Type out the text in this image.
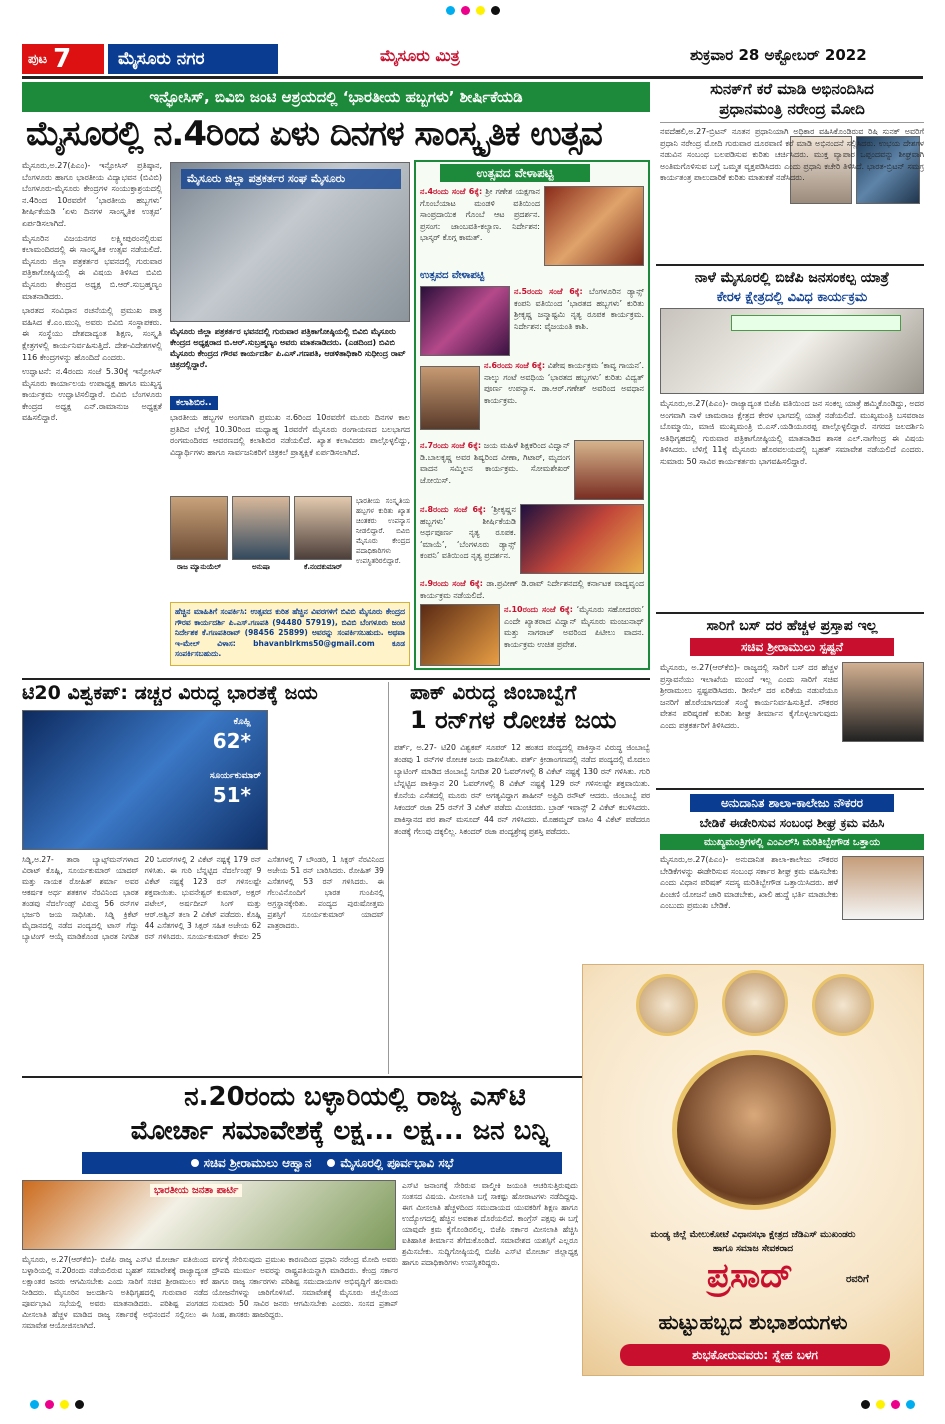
ಪುಟ 7	ಮೈಸೂರು ನಗರ	ಮೈಸೂರು ಮಿತ್ರ	ಶುಕ್ರವಾರ 28 ಅಕ್ಟೋಬರ್ 2022
ಇನ್ಫೋಸಿಸ್, ಬಿವಿಬಿ ಜಂಟಿ ಆಶ್ರಯದಲ್ಲಿ ‘ಭಾರತೀಯ ಹಬ್ಬಗಳು’ ಶೀರ್ಷಿಕೆಯಡಿ
ಮೈಸೂರಲ್ಲಿ ನ.4ರಿಂದ ಏಳು ದಿನಗಳ ಸಾಂಸ್ಕೃತಿಕ ಉತ್ಸವ

ಮೈಸೂರು,ಅ.27(ಪಿಎಂ)- ಇನ್ಫೋಸಿಸ್ ಪ್ರತಿಷ್ಠಾನ, ಬೆಂಗಳೂರು ಹಾಗೂ ಭಾರತೀಯ ವಿದ್ಯಾಭವನ (ಬಿವಿಬಿ) ಬೆಂಗಳೂರು-ಮೈಸೂರು ಕೇಂದ್ರಗಳ ಸಂಯುಕ್ತಾಶ್ರಯದಲ್ಲಿ ನ.4ರಿಂದ 10ರವರೆಗೆ ‘ಭಾರತೀಯ ಹಬ್ಬಗಳು’ ಶೀರ್ಷಿಕೆಯಡಿ ‘ಏಳು ದಿನಗಳ ಸಾಂಸ್ಕೃತಿಕ ಉತ್ಸವ’ ಏರ್ಪಡಿಸಲಾಗಿದೆ.

ಮೈಸೂರಿನ ವಿಜಯನಗರ ಲಕ್ಷ್ಮೀಪುರಂನಲ್ಲಿರುವ ಕಲಾಮಂದಿರದಲ್ಲಿ ಈ ಸಾಂಸ್ಕೃತಿಕ ಉತ್ಸವ ನಡೆಯಲಿದೆ. ಮೈಸೂರು ಜಿಲ್ಲಾ ಪತ್ರಕರ್ತರ ಭವನದಲ್ಲಿ ಗುರುವಾರ ಪತ್ರಿಕಾಗೋಷ್ಠಿಯಲ್ಲಿ ಈ ವಿಷಯ ತಿಳಿಸಿದ ಬಿವಿಬಿ ಮೈಸೂರು ಕೇಂದ್ರದ ಅಧ್ಯಕ್ಷ ಬಿ.ಆರ್.ಸುಬ್ರಹ್ಮಣ್ಯಂ ಮಾತನಾಡಿದರು.

ಭಾರತದ ಸಂವಿಧಾನ ರಚನೆಯಲ್ಲಿ ಪ್ರಮುಖ ಪಾತ್ರ ವಹಿಸಿದ ಕೆ.ಎಂ.ಮುನ್ಷಿ ಅವರು ಬಿವಿಬಿ ಸಂಸ್ಥಾಪಕರು. ಈ ಸಂಸ್ಥೆಯು ದೇಶದಾದ್ಯಂತ ಶಿಕ್ಷಣ, ಸಂಸ್ಕೃತಿ ಕ್ಷೇತ್ರಗಳಲ್ಲಿ ಕಾರ್ಯನಿರ್ವಹಿಸುತ್ತಿದೆ. ದೇಶ-ವಿದೇಶಗಳಲ್ಲಿ 116 ಕೇಂದ್ರಗಳನ್ನು ಹೊಂದಿದೆ ಎಂದರು.

ಉದ್ಘಾಟನೆ: ನ.4ರಂದು ಸಂಜೆ 5.30ಕ್ಕೆ ಇನ್ಫೋಸಿಸ್ ಮೈಸೂರು ಕಾರ್ಯಾಲಯ ಉಪಾಧ್ಯಕ್ಷ ಹಾಗೂ ಮುಖ್ಯಸ್ಥ ಕಾರ್ಯಕ್ರಮ ಉದ್ಘಾಟಿಸಲಿದ್ದಾರೆ. ಬಿವಿಬಿ ಬೆಂಗಳೂರು ಕೇಂದ್ರದ ಅಧ್ಯಕ್ಷ ಎನ್.ರಾಮಾನುಜ ಅಧ್ಯಕ್ಷತೆ ವಹಿಸಲಿದ್ದಾರೆ.

ಮೈಸೂರು ಜಿಲ್ಲಾ ಪತ್ರಕರ್ತರ ಸಂಘ ಮೈಸೂರು
ಮೈಸೂರು ಜಿಲ್ಲಾ ಪತ್ರಕರ್ತರ ಭವನದಲ್ಲಿ ಗುರುವಾರ ಪತ್ರಿಕಾಗೋಷ್ಠಿಯಲ್ಲಿ ಬಿವಿಬಿ ಮೈಸೂರು ಕೇಂದ್ರದ ಅಧ್ಯಕ್ಷರಾದ ಬಿ.ಆರ್.ಸುಬ್ರಹ್ಮಣ್ಯಂ ಅವರು ಮಾತನಾಡಿದರು. (ಎಡದಿಂದ) ಬಿವಿಬಿ ಮೈಸೂರು ಕೇಂದ್ರದ ಗೌರವ ಕಾರ್ಯದರ್ಶಿ ಪಿ.ಎಸ್.ಗಣಪತಿ, ಆಡಳಿತಾಧಿಕಾರಿ ಸುಧೀಂದ್ರ ರಾವ್ ಚಿತ್ರದಲ್ಲಿದ್ದಾರೆ.
ಕಲಾಶಿಬಿರ..
ಭಾರತೀಯ ಹಬ್ಬಗಳ ಅಂಗವಾಗಿ ಪ್ರಮುಖ ನ.6ರಿಂದ 10ರವರೆಗೆ ಮೂರು ದಿನಗಳ ಕಾಲ ಪ್ರತಿದಿನ ಬೆಳಿಗ್ಗೆ 10.30ರಿಂದ ಮಧ್ಯಾಹ್ನ 1ರವರೆಗೆ ಮೈಸೂರು ರಂಗಾಯಣದ ಬಲಭಾಗದ ರಂಗಮಂದಿರದ ಆವರಣದಲ್ಲಿ ಕಲಾಶಿಬಿರ ನಡೆಯಲಿದೆ. ಖ್ಯಾತ ಕಲಾವಿದರು ಪಾಲ್ಗೊಳ್ಳಲಿದ್ದು, ವಿದ್ಯಾರ್ಥಿಗಳು ಹಾಗೂ ಸಾರ್ವಜನಿಕರಿಗೆ ಚಿತ್ರಕಲೆ ಪ್ರಾತ್ಯಕ್ಷಿಕೆ ಏರ್ಪಡಿಸಲಾಗಿದೆ.
ರಾಜ ಮ್ಯಾನುಯೆಲ್	ಅನುಷಾ	ಕೆ.ನಂದಕುಮಾರ್
ಭಾರತೀಯ ಸಂಸ್ಕೃತಿಯ ಹಬ್ಬಗಳ ಕುರಿತು ಖ್ಯಾತ ಚಿಂತಕರು ಉಪನ್ಯಾಸ ನೀಡಲಿದ್ದಾರೆ. ಬಿವಿಬಿ ಮೈಸೂರು ಕೇಂದ್ರದ ಪದಾಧಿಕಾರಿಗಳು ಉಪಸ್ಥಿತರಿರಲಿದ್ದಾರೆ.
ಹೆಚ್ಚಿನ ಮಾಹಿತಿಗೆ ಸಂಪರ್ಕಿಸಿ: ಉತ್ಸವದ ಕುರಿತ ಹೆಚ್ಚಿನ ವಿವರಗಳಿಗೆ ಬಿವಿಬಿ ಮೈಸೂರು ಕೇಂದ್ರದ ಗೌರವ ಕಾರ್ಯದರ್ಶಿ ಪಿ.ಎಸ್.ಗಣಪತಿ (94480 57919), ಬಿವಿಬಿ ಬೆಂಗಳೂರು ಜಂಟಿ ನಿರ್ದೇಶಕ ಕೆ.ಗಣಪತಿರಾವ್ (98456 25899) ಅವರನ್ನು ಸಂಪರ್ಕಿಸಬಹುದು. ಅಥವಾ ಇ-ಮೇಲ್ ವಿಳಾಸ: bhavanblrkms50@gmail.com ಕೂಡ ಸಂಪರ್ಕಿಸಬಹುದು.
ಉತ್ಸವದ ವೇಳಾಪಟ್ಟಿ
ಉತ್ಸವದ ವೇಳಾಪಟ್ಟಿ
ನ.4ರಂದು ಸಂಜೆ 6ಕ್ಕೆ: ಶ್ರೀ ಗಣೇಶ ಯಕ್ಷಗಾನ ಗೊಂಬೆಯಾಟ ಮಂಡಳಿ ವತಿಯಿಂದ ಸಾಂಪ್ರದಾಯಿಕ ಗೊಂಬೆ ಆಟ ಪ್ರದರ್ಶನ. ಪ್ರಸಂಗ: ಜಾಂಬವತಿ-ಕಲ್ಯಾಣ. ನಿರ್ದೇಶನ: ಭಾಸ್ಕರ್ ಕೊಗ್ಗ ಕಾಮತ್.
ನ.5ರಂದು ಸಂಜೆ 6ಕ್ಕೆ: ಬೆಂಗಳೂರಿನ ಡ್ಯಾನ್ಸ್ ಕಂಪನಿ ವತಿಯಿಂದ ‘ಭಾರತದ ಹಬ್ಬಗಳು’ ಕುರಿತು ಶ್ರೀಕೃಷ್ಣ ಜನ್ಮಾಷ್ಟಮಿ ನೃತ್ಯ ರೂಪಕ ಕಾರ್ಯಕ್ರಮ. ನಿರ್ದೇಶನ: ವೈಜಯಂತಿ ಕಾಶಿ.
ನ.6ರಂದು ಸಂಜೆ 6ಕ್ಕೆ: ವಿಶೇಷ ಕಾರ್ಯಕ್ರಮ ‘ಕಾವ್ಯ ಗಾಯನ’. ನಾಲ್ಕು ಗಂಟೆ ಅವಧಿಯ ‘ಭಾರತದ ಹಬ್ಬಗಳು’ ಕುರಿತು ವಿದ್ವತ್ ಪೂರ್ಣ ಉಪನ್ಯಾಸ. ಡಾ.ಆರ್.ಗಣೇಶ್ ಅವರಿಂದ ಅವಧಾನ ಕಾರ್ಯಕ್ರಮ.
ನ.7ರಂದು ಸಂಜೆ 6ಕ್ಕೆ: ಜಯ ಮಹಿಳೆ ಶಿಕ್ಷಕರಿಂದ ವಿದ್ವಾನ್ ಡಿ.ಬಾಲಕೃಷ್ಣ ಅವರ ಶಿಷ್ಯರಿಂದ ವೀಣಾ, ಗಿಟಾರ್, ಮೃದಂಗ ವಾದನ ಸಮ್ಮಿಲನ ಕಾರ್ಯಕ್ರಮ. ಸೋಮಶೇಖರ್ ಜೋಯಿಸ್.
ನ.8ರಂದು ಸಂಜೆ 6ಕ್ಕೆ: ‘ಶ್ರೀಕೃಷ್ಣನ ಹಬ್ಬಗಳು’ ಶೀರ್ಷಿಕೆಯಡಿ ಅರ್ಥಪೂರ್ಣ ನೃತ್ಯ ರೂಪಕ. ‘ಮಾಯೆ’, ‘ಬೆಂಗಳೂರು ಡ್ಯಾನ್ಸ್ ಕಂಪನಿ’ ವತಿಯಿಂದ ನೃತ್ಯ ಪ್ರದರ್ಶನ.
ನ.9ರಂದು ಸಂಜೆ 6ಕ್ಕೆ: ಡಾ.ಪ್ರವೀಣ್ ಡಿ.ರಾವ್ ನಿರ್ದೇಶನದಲ್ಲಿ ಕರ್ನಾಟಕ ವಾದ್ಯವೃಂದ ಕಾರ್ಯಕ್ರಮ ನಡೆಯಲಿದೆ.
ನ.10ರಂದು ಸಂಜೆ 6ಕ್ಕೆ: ‘ಮೈಸೂರು ಸಹೋದರರು’ ಎಂದೇ ಖ್ಯಾತರಾದ ವಿದ್ವಾನ್ ಮೈಸೂರು ಮಂಜುನಾಥ್ ಮತ್ತು ನಾಗರಾಜ್ ಅವರಿಂದ ಪಿಟೀಲು ವಾದನ. ಕಾರ್ಯಕ್ರಮ ಉಚಿತ ಪ್ರವೇಶ.
ಸುನಕ್‌ಗೆ ಕರೆ ಮಾಡಿ ಅಭಿನಂದಿಸಿದ
ಪ್ರಧಾನಮಂತ್ರಿ ನರೇಂದ್ರ ಮೋದಿ
ನವದೆಹಲಿ,ಅ.27-ಬ್ರಿಟನ್ ನೂತನ ಪ್ರಧಾನಿಯಾಗಿ ಅಧಿಕಾರ ವಹಿಸಿಕೊಂಡಿರುವ ರಿಷಿ ಸುನಕ್ ಅವರಿಗೆ ಪ್ರಧಾನಿ ನರೇಂದ್ರ ಮೋದಿ ಗುರುವಾರ ದೂರವಾಣಿ ಕರೆ ಮಾಡಿ ಅಭಿನಂದನೆ ಸಲ್ಲಿಸಿದರು. ಉಭಯ ದೇಶಗಳ ನಡುವಿನ ಸಂಬಂಧ ಬಲಪಡಿಸುವ ಕುರಿತು ಚರ್ಚಿಸಿದರು. ಮುಕ್ತ ವ್ಯಾಪಾರ ಒಪ್ಪಂದವನ್ನು ಶೀಘ್ರವಾಗಿ ಅಂತಿಮಗೊಳಿಸುವ ಬಗ್ಗೆ ಒಮ್ಮತ ವ್ಯಕ್ತಪಡಿಸಿದರು ಎಂದು ಪ್ರಧಾನಿ ಕಚೇರಿ ತಿಳಿಸಿದೆ. ಭಾರತ-ಬ್ರಿಟನ್ ಸಮಗ್ರ ಕಾರ್ಯತಂತ್ರ ಪಾಲುದಾರಿಕೆ ಕುರಿತು ಮಾತುಕತೆ ನಡೆಸಿದರು.
ನಾಳೆ ಮೈಸೂರಲ್ಲಿ ಬಿಜೆಪಿ ಜನಸಂಕಲ್ಪ ಯಾತ್ರೆ
ಕೇರಳ ಕ್ಷೇತ್ರದಲ್ಲಿ ವಿವಿಧ ಕಾರ್ಯಕ್ರಮ
ಮೈಸೂರು,ಅ.27(ಪಿಎಂ)- ರಾಜ್ಯಾದ್ಯಂತ ಬಿಜೆಪಿ ವತಿಯಿಂದ ಜನ ಸಂಕಲ್ಪ ಯಾತ್ರೆ ಹಮ್ಮಿಕೊಂಡಿದ್ದು, ಅದರ ಅಂಗವಾಗಿ ನಾಳೆ ಚಾಮರಾಜ ಕ್ಷೇತ್ರದ ಕೇರಳ ಭಾಗದಲ್ಲಿ ಯಾತ್ರೆ ನಡೆಯಲಿದೆ. ಮುಖ್ಯಮಂತ್ರಿ ಬಸವರಾಜ ಬೊಮ್ಮಾಯಿ, ಮಾಜಿ ಮುಖ್ಯಮಂತ್ರಿ ಬಿ.ಎಸ್.ಯಡಿಯೂರಪ್ಪ ಪಾಲ್ಗೊಳ್ಳಲಿದ್ದಾರೆ. ನಗರದ ಜಲದರ್ಶಿನಿ ಅತಿಥಿಗೃಹದಲ್ಲಿ ಗುರುವಾರ ಪತ್ರಿಕಾಗೋಷ್ಠಿಯಲ್ಲಿ ಮಾತನಾಡಿದ ಶಾಸಕ ಎಲ್.ನಾಗೇಂದ್ರ ಈ ವಿಷಯ ತಿಳಿಸಿದರು. ಬೆಳಿಗ್ಗೆ 11ಕ್ಕೆ ಮೈಸೂರು ಹೊರವಲಯದಲ್ಲಿ ಬೃಹತ್ ಸಮಾವೇಶ ನಡೆಯಲಿದೆ ಎಂದರು. ಸುಮಾರು 50 ಸಾವಿರ ಕಾರ್ಯಕರ್ತರು ಭಾಗವಹಿಸಲಿದ್ದಾರೆ.
ಸಾರಿಗೆ ಬಸ್ ದರ ಹೆಚ್ಚಳ ಪ್ರಸ್ತಾಪ ಇಲ್ಲ
ಸಚಿವ ಶ್ರೀರಾಮುಲು ಸ್ಪಷ್ಟನೆ
ಮೈಸೂರು, ಅ.27(ಆರ್‌ಕೆಬಿ)- ರಾಜ್ಯದಲ್ಲಿ ಸಾರಿಗೆ ಬಸ್ ದರ ಹೆಚ್ಚಳ ಪ್ರಸ್ತಾವನೆಯು ಇಲಾಖೆಯ ಮುಂದೆ ಇಲ್ಲ ಎಂದು ಸಾರಿಗೆ ಸಚಿವ ಶ್ರೀರಾಮುಲು ಸ್ಪಷ್ಟಪಡಿಸಿದರು. ಡೀಸೆಲ್ ದರ ಏರಿಕೆಯ ನಡುವೆಯೂ ಜನರಿಗೆ ಹೊರೆಯಾಗದಂತೆ ಸಂಸ್ಥೆ ಕಾರ್ಯನಿರ್ವಹಿಸುತ್ತಿದೆ. ನೌಕರರ ವೇತನ ಪರಿಷ್ಕರಣೆ ಕುರಿತು ಶೀಘ್ರ ತೀರ್ಮಾನ ಕೈಗೊಳ್ಳಲಾಗುವುದು ಎಂದು ಪತ್ರಕರ್ತರಿಗೆ ತಿಳಿಸಿದರು.
ಅನುದಾನಿತ ಶಾಲಾ-ಕಾಲೇಜು ನೌಕರರ
ಬೇಡಿಕೆ ಈಡೇರಿಸುವ ಸಂಬಂಧ ಶೀಘ್ರ ಕ್ರಮ ವಹಿಸಿ
ಮುಖ್ಯಮಂತ್ರಿಗಳಲ್ಲಿ ಎಂಎಲ್‌ಸಿ ಮರಿತಿಬ್ಬೇಗೌಡ ಒತ್ತಾಯ
ಮೈಸೂರು,ಅ.27(ಪಿಎಂ)- ಅನುದಾನಿತ ಶಾಲಾ-ಕಾಲೇಜು ನೌಕರರ ಬೇಡಿಕೆಗಳನ್ನು ಈಡೇರಿಸುವ ಸಂಬಂಧ ಸರ್ಕಾರ ಶೀಘ್ರ ಕ್ರಮ ವಹಿಸಬೇಕು ಎಂದು ವಿಧಾನ ಪರಿಷತ್ ಸದಸ್ಯ ಮರಿತಿಬ್ಬೇಗೌಡ ಒತ್ತಾಯಿಸಿದರು. ಹಳೆ ಪಿಂಚಣಿ ಯೋಜನೆ ಜಾರಿ ಮಾಡಬೇಕು, ಖಾಲಿ ಹುದ್ದೆ ಭರ್ತಿ ಮಾಡಬೇಕು ಎಂಬುದು ಪ್ರಮುಖ ಬೇಡಿಕೆ.
ಟಿ20 ವಿಶ್ವಕಪ್: ಡಚ್ಚರ ವಿರುದ್ಧ ಭಾರತಕ್ಕೆ ಜಯ
ಕೊಹ್ಲಿ
62*
ಸೂರ್ಯಕುಮಾರ್
51*
ಸಿಡ್ನಿ,ಅ.27- ತಾರಾ ಬ್ಯಾಟ್ಸ್‌ಮನ್‌ಗಳಾದ ವಿರಾಟ್ ಕೊಹ್ಲಿ, ಸೂರ್ಯಕುಮಾರ್ ಯಾದವ್ ಮತ್ತು ನಾಯಕ ರೋಹಿತ್ ಶರ್ಮಾ ಅವರ ಆಕರ್ಷಕ ಅರ್ಧ ಶತಕಗಳ ನೆರವಿನಿಂದ ಭಾರತ ತಂಡವು ನೆದರ್ಲೆಂಡ್ಸ್ ವಿರುದ್ಧ 56 ರನ್‌ಗಳ ಭರ್ಜರಿ ಜಯ ಸಾಧಿಸಿತು. ಸಿಡ್ನಿ ಕ್ರಿಕೆಟ್ ಮೈದಾನದಲ್ಲಿ ನಡೆದ ಪಂದ್ಯದಲ್ಲಿ ಟಾಸ್ ಗೆದ್ದು ಬ್ಯಾಟಿಂಗ್ ಆಯ್ಕೆ ಮಾಡಿಕೊಂಡ ಭಾರತ ನಿಗದಿತ 20 ಓವರ್‌ಗಳಲ್ಲಿ 2 ವಿಕೆಟ್ ನಷ್ಟಕ್ಕೆ 179 ರನ್ ಗಳಿಸಿತು. ಈ ಗುರಿ ಬೆನ್ನಟ್ಟಿದ ನೆದರ್ಲೆಂಡ್ಸ್ 9 ವಿಕೆಟ್ ನಷ್ಟಕ್ಕೆ 123 ರನ್ ಗಳಿಸಲಷ್ಟೇ ಶಕ್ತವಾಯಿತು. ಭುವನೇಶ್ವರ್ ಕುಮಾರ್, ಅಕ್ಷರ್ ಪಟೇಲ್, ಅರ್ಷದೀಪ್ ಸಿಂಗ್ ಮತ್ತು ಆರ್.ಅಶ್ವಿನ್ ತಲಾ 2 ವಿಕೆಟ್ ಪಡೆದರು. ಕೊಹ್ಲಿ 44 ಎಸೆತಗಳಲ್ಲಿ 3 ಸಿಕ್ಸರ್ ಸಹಿತ ಅಜೇಯ 62 ರನ್ ಗಳಿಸಿದರು. ಸೂರ್ಯಕುಮಾರ್ ಕೇವಲ 25 ಎಸೆತಗಳಲ್ಲಿ 7 ಬೌಂಡರಿ, 1 ಸಿಕ್ಸರ್ ನೆರವಿನಿಂದ ಅಜೇಯ 51 ರನ್ ಬಾರಿಸಿದರು. ರೋಹಿತ್ 39 ಎಸೆತಗಳಲ್ಲಿ 53 ರನ್ ಗಳಿಸಿದರು. ಈ ಗೆಲುವಿನೊಂದಿಗೆ ಭಾರತ ಗುಂಪಿನಲ್ಲಿ ಅಗ್ರಸ್ಥಾನಕ್ಕೇರಿತು. ಪಂದ್ಯದ ಪುರುಷೋತ್ತಮ ಪ್ರಶಸ್ತಿಗೆ ಸೂರ್ಯಕುಮಾರ್ ಯಾದವ್ ಪಾತ್ರರಾದರು.
ಪಾಕ್ ವಿರುದ್ಧ ಜಿಂಬಾಬ್ವೆಗೆ
1 ರನ್‌ಗಳ ರೋಚಕ ಜಯ
ಪರ್ತ್, ಅ.27- ಟಿ20 ವಿಶ್ವಕಪ್ ಸೂಪರ್ 12 ಹಂತದ ಪಂದ್ಯದಲ್ಲಿ ಪಾಕಿಸ್ತಾನ ವಿರುದ್ಧ ಜಿಂಬಾಬ್ವೆ ತಂಡವು 1 ರನ್‌ಗಳ ರೋಚಕ ಜಯ ದಾಖಲಿಸಿತು. ಪರ್ತ್ ಕ್ರೀಡಾಂಗಣದಲ್ಲಿ ನಡೆದ ಪಂದ್ಯದಲ್ಲಿ ಮೊದಲು ಬ್ಯಾಟಿಂಗ್ ಮಾಡಿದ ಜಿಂಬಾಬ್ವೆ ನಿಗದಿತ 20 ಓವರ್‌ಗಳಲ್ಲಿ 8 ವಿಕೆಟ್ ನಷ್ಟಕ್ಕೆ 130 ರನ್ ಗಳಿಸಿತು. ಗುರಿ ಬೆನ್ನಟ್ಟಿದ ಪಾಕಿಸ್ತಾನ 20 ಓವರ್‌ಗಳಲ್ಲಿ 8 ವಿಕೆಟ್ ನಷ್ಟಕ್ಕೆ 129 ರನ್ ಗಳಿಸಲಷ್ಟೇ ಶಕ್ತವಾಯಿತು. ಕೊನೆಯ ಎಸೆತದಲ್ಲಿ ಮೂರು ರನ್ ಅಗತ್ಯವಿದ್ದಾಗ ಶಾಹೀನ್ ಅಫ್ರಿದಿ ರನೌಟ್ ಆದರು. ಜಿಂಬಾಬ್ವೆ ಪರ ಸಿಕಂದರ್ ರಜಾ 25 ರನ್‌ಗೆ 3 ವಿಕೆಟ್ ಪಡೆದು ಮಿಂಚಿದರು. ಬ್ರಾಡ್ ಇವಾನ್ಸ್ 2 ವಿಕೆಟ್ ಕಬಳಿಸಿದರು. ಪಾಕಿಸ್ತಾನದ ಪರ ಶಾನ್ ಮಸೂದ್ 44 ರನ್ ಗಳಿಸಿದರು. ಮೊಹಮ್ಮದ್ ವಾಸಿಂ 4 ವಿಕೆಟ್ ಪಡೆದರೂ ತಂಡಕ್ಕೆ ಗೆಲುವು ದಕ್ಕಲಿಲ್ಲ. ಸಿಕಂದರ್ ರಜಾ ಪಂದ್ಯಶ್ರೇಷ್ಠ ಪ್ರಶಸ್ತಿ ಪಡೆದರು.
ನ.20ರಂದು ಬಳ್ಳಾರಿಯಲ್ಲಿ ರಾಜ್ಯ ಎಸ್‌ಟಿ
ಮೋರ್ಚಾ ಸಮಾವೇಶಕ್ಕೆ ಲಕ್ಷ... ಲಕ್ಷ... ಜನ ಬನ್ನಿ
ಸಚಿವ ಶ್ರೀರಾಮುಲು ಆಹ್ವಾನ	ಮೈಸೂರಲ್ಲಿ ಪೂರ್ವಭಾವಿ ಸಭೆ
ಭಾರತೀಯ ಜನತಾ ಪಾರ್ಟಿ
ಮೈಸೂರು, ಅ.27(ಆರ್‌ಕೆಬಿ)- ಬಿಜೆಪಿ ರಾಜ್ಯ ಎಸ್‌ಟಿ ಮೋರ್ಚಾ ವತಿಯಿಂದ ಬಳ್ಳಾರಿಯಲ್ಲಿ ನ.20ರಂದು ನಡೆಯಲಿರುವ ಬೃಹತ್ ಸಮಾವೇಶಕ್ಕೆ ರಾಜ್ಯಾದ್ಯಂತ ಲಕ್ಷಾಂತರ ಜನರು ಆಗಮಿಸಬೇಕು ಎಂದು ಸಾರಿಗೆ ಸಚಿವ ಶ್ರೀರಾಮುಲು ಕರೆ ನೀಡಿದರು. ಮೈಸೂರಿನ ಜಲದರ್ಶಿನಿ ಅತಿಥಿಗೃಹದಲ್ಲಿ ಗುರುವಾರ ನಡೆದ ಪೂರ್ವಭಾವಿ ಸಭೆಯಲ್ಲಿ ಅವರು ಮಾತನಾಡಿದರು. ಪರಿಶಿಷ್ಟ ಪಂಗಡದ ಮೀಸಲಾತಿ ಹೆಚ್ಚಳ ಮಾಡಿದ ರಾಜ್ಯ ಸರ್ಕಾರಕ್ಕೆ ಅಭಿನಂದನೆ ಸಲ್ಲಿಸಲು ಈ ಸಮಾವೇಶ ಆಯೋಜಿಸಲಾಗಿದೆ.
ವರ್ಗಕ್ಕೆ ಸೇರಿಸುವುದು ಪ್ರಮುಖ ಕಾರಣದಿಂದ ಪ್ರಧಾನಿ ನರೇಂದ್ರ ಮೋದಿ ಅವರು ದ್ರೌಪದಿ ಮುರ್ಮು ಅವರನ್ನು ರಾಷ್ಟ್ರಪತಿಯನ್ನಾಗಿ ಮಾಡಿದರು. ಕೇಂದ್ರ ಸರ್ಕಾರ ಹಾಗೂ ರಾಜ್ಯ ಸರ್ಕಾರಗಳು ಪರಿಶಿಷ್ಟ ಸಮುದಾಯಗಳ ಅಭಿವೃದ್ಧಿಗೆ ಹಲವಾರು ಯೋಜನೆಗಳನ್ನು ಜಾರಿಗೊಳಿಸಿವೆ. ಸಮಾವೇಶಕ್ಕೆ ಮೈಸೂರು ಜಿಲ್ಲೆಯಿಂದ ಸುಮಾರು 50 ಸಾವಿರ ಜನರು ಆಗಮಿಸಬೇಕು ಎಂದರು. ಸಂಸದ ಪ್ರತಾಪ್ ಸಿಂಹ, ಶಾಸಕರು ಹಾಜರಿದ್ದರು.
ಎಸ್‌ಟಿ ಜನಾಂಗಕ್ಕೆ ಸೇರಿರುವ ವಾಲ್ಮೀಕಿ ಜಯಂತಿ ಆಚರಿಸುತ್ತಿರುವುದು ಸಂತಸದ ವಿಷಯ. ಮೀಸಲಾತಿ ಬಗ್ಗೆ ಸಾಕಷ್ಟು ಹೋರಾಟಗಳು ನಡೆದಿದ್ದವು. ಈಗ ಮೀಸಲಾತಿ ಹೆಚ್ಚಳದಿಂದ ಸಮುದಾಯದ ಯುವಕರಿಗೆ ಶಿಕ್ಷಣ ಹಾಗೂ ಉದ್ಯೋಗದಲ್ಲಿ ಹೆಚ್ಚಿನ ಅವಕಾಶ ದೊರೆಯಲಿದೆ. ಕಾಂಗ್ರೆಸ್ ಪಕ್ಷವು ಈ ಬಗ್ಗೆ ಯಾವುದೇ ಕ್ರಮ ಕೈಗೊಂಡಿರಲಿಲ್ಲ. ಬಿಜೆಪಿ ಸರ್ಕಾರ ಮೀಸಲಾತಿ ಹೆಚ್ಚಿಸಿ ಐತಿಹಾಸಿಕ ತೀರ್ಮಾನ ತೆಗೆದುಕೊಂಡಿದೆ. ಸಮಾವೇಶದ ಯಶಸ್ಸಿಗೆ ಎಲ್ಲರೂ ಶ್ರಮಿಸಬೇಕು. ಸುದ್ದಿಗೋಷ್ಠಿಯಲ್ಲಿ ಬಿಜೆಪಿ ಎಸ್‌ಟಿ ಮೋರ್ಚಾ ಜಿಲ್ಲಾಧ್ಯಕ್ಷ ಹಾಗೂ ಪದಾಧಿಕಾರಿಗಳು ಉಪಸ್ಥಿತರಿದ್ದರು.
ಮಂಡ್ಯ ಜಿಲ್ಲೆ ಮೇಲುಕೋಟೆ ವಿಧಾನಸಭಾ ಕ್ಷೇತ್ರದ ಜೆಡಿಎಸ್ ಮುಖಂಡರು
ಹಾಗೂ ಸಮಾಜ ಸೇವಕರಾದ
ಪ್ರಸಾದ್	ರವರಿಗೆ
ಹುಟ್ಟುಹಬ್ಬದ ಶುಭಾಶಯಗಳು
ಶುಭಕೋರುವವರು: ಸ್ನೇಹ ಬಳಗ
